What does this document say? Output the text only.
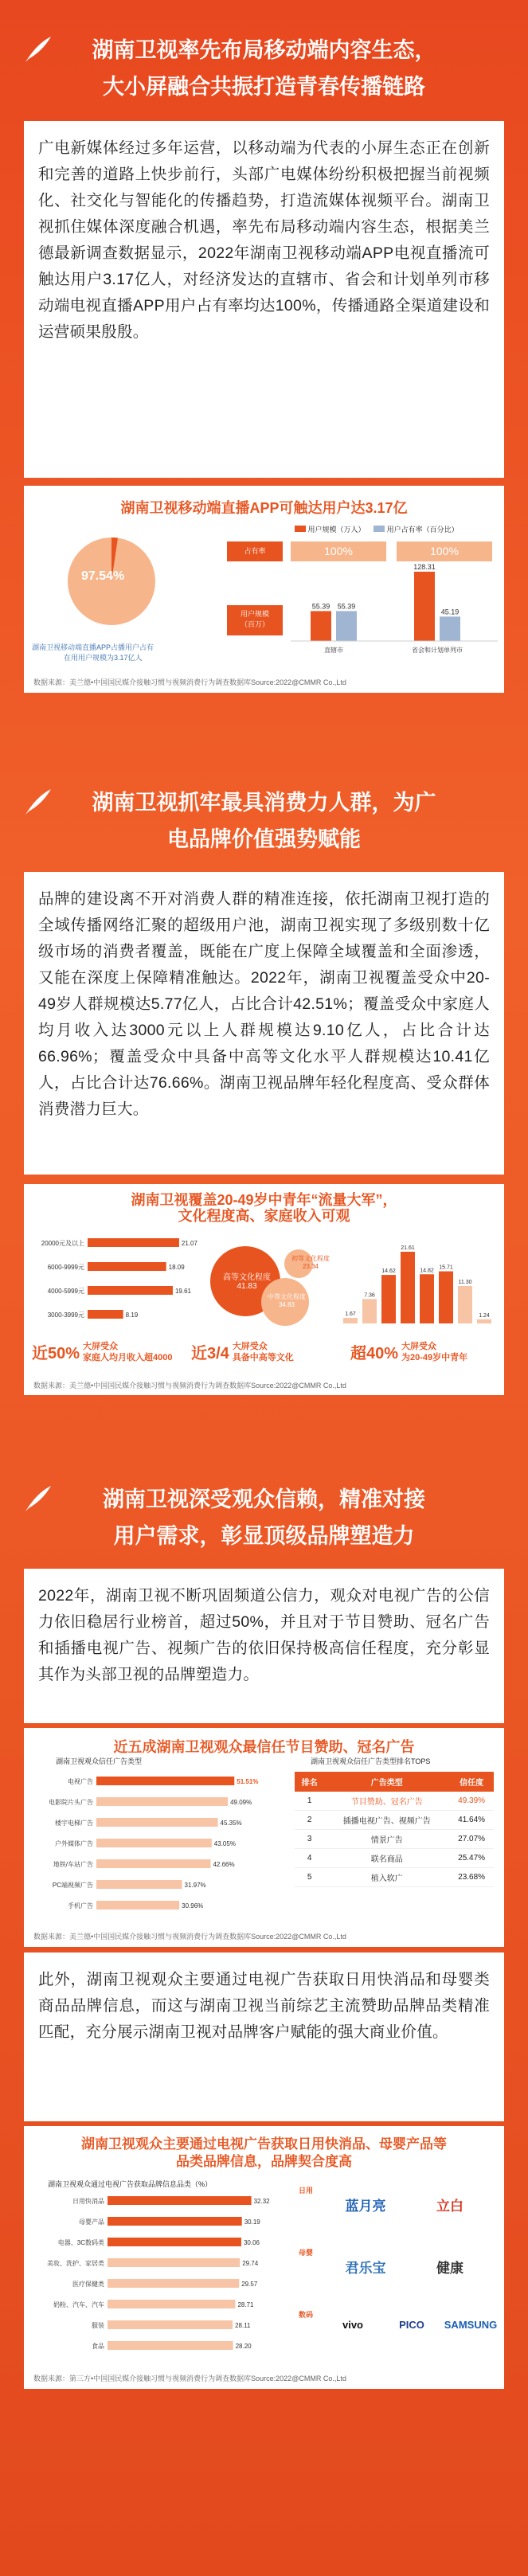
湖南卫视率先布局移动端内容生态，
大小屏融合共振打造青春传播链路

广电新媒体经过多年运营，以移动端为代表的小屏生态正在创新和完善的道路上快步前行，头部广电媒体纷纷积极把握当前视频化、社交化与智能化的传播趋势，打造流媒体视频平台。湖南卫视抓住媒体深度融合机遇，率先布局移动端内容生态，根据美兰德最新调查数据显示，2022年湖南卫视移动端APP电视直播流可触达用户3.17亿人，对经济发达的直辖市、省会和计划单列市移动端电视直播APP用户占有率均达100%，传播通路全渠道建设和运营硕果殷殷。

湖南卫视移动端直播APP可触达用户达3.17亿
97.54%
湖南卫视移动端直播APP占播用户占有
在用用户规模为3.17亿人
用户规模（万人）	用户占有率（百分比）
占有率	100%	100%
用户规模
（百万）
55.39 55.39
直辖市
128.31
45.19
省会和计划单列市
数据来源：美兰德•中国国民媒介接触习惯与视频消费行为调查数据库Source:2022@CMMR Co.,Ltd
湖南卫视抓牢最具消费力人群，为广
电品牌价值强势赋能

品牌的建设离不开对消费人群的精准连接，依托湖南卫视打造的全域传播网络汇聚的超级用户池，湖南卫视实现了多级别数十亿级市场的消费者覆盖，既能在广度上保障全域覆盖和全面渗透，又能在深度上保障精准触达。2022年，湖南卫视覆盖受众中20-49岁人群规模达5.77亿人，占比合计42.51%；覆盖受众中家庭人均月收入达3000元以上人群规模达9.10亿人，占比合计达66.96%；覆盖受众中具备中高等文化水平人群规模达10.41亿人，占比合计达76.66%。湖南卫视品牌年轻化程度高、受众群体消费潜力巨大。

湖南卫视覆盖20-49岁中青年“流量大军”，
文化程度高、家庭收入可观
20000元及以上	21.07
6000-9999元	18.09
4000-5999元	19.61
3000-3999元	8.19
高等文化程度
41.83
中等文化程度
34.83
初等文化程度
23.34
1.67
7.36
14.62
21.61
14.82
15.71
11.30
1.24
近50% 大屏受众
家庭人均月收入超4000 近3/4 大屏受众
具备中高等文化	超40% 大屏受众
为20-49岁中青年
数据来源：美兰德•中国国民媒介接触习惯与视频消费行为调查数据库Source:2022@CMMR Co.,Ltd
湖南卫视深受观众信赖，精准对接
用户需求，彰显顶级品牌塑造力

2022年，湖南卫视不断巩固频道公信力，观众对电视广告的公信力依旧稳居行业榜首，超过50%，并且对于节目赞助、冠名广告和插播电视广告、视频广告的依旧保持极高信任程度，充分彰显其作为头部卫视的品牌塑造力。

近五成湖南卫视观众最信任节目赞助、冠名广告
湖南卫视观众信任广告类型	湖南卫视观众信任广告类型排名TOPS
电视广告	51.51%
电影院片头广告	49.09%
楼宇电梯广告	45.35%
户外媒体广告	43.05%
地铁/车站广告	42.66%
PC端视频广告	31.97%
手机广告	30.96%
排名	广告类型	信任度
1	节目赞助、冠名广告	49.39%
2	插播电视广告、视频广告	41.64%
3	情景广告	27.07%
4	联名商品	25.47%
5	植入软广	23.68%
数据来源：美兰德•中国国民媒介接触习惯与视频消费行为调查数据库Source:2022@CMMR Co.,Ltd

此外，湖南卫视观众主要通过电视广告获取日用快消品和母婴类商品品牌信息，而这与湖南卫视当前综艺主流赞助品牌品类精准匹配，充分展示湖南卫视对品牌客户赋能的强大商业价值。

湖南卫视观众主要通过电视广告获取日用快消品、母婴产品等
品类品牌信息，品牌契合度高
湖南卫视观众通过电视广告获取品牌信息品类（%）
日用快消品	32.32
母婴产品	30.19
电器、3C数码类	30.06
美妆、洗护、家居类	29.74
医疗保健类	29.57
奶粉、汽车、汽车	28.71
服装	28.11
食品	28.20
日用
蓝月亮	立白
母婴
君乐宝	健康
数码
vivo	PICO	SAMSUNG
数据来源：第三方•中国国民媒介接触习惯与视频消费行为调查数据库Source:2022@CMMR Co.,Ltd
